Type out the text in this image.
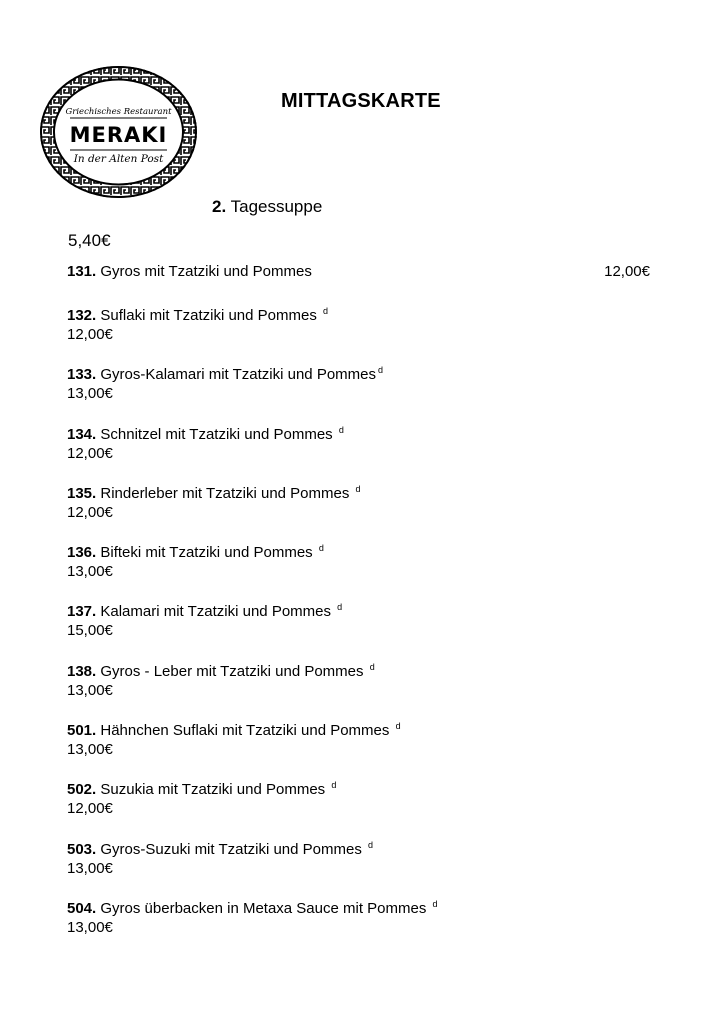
Griechisches Restaurant
MERAKI
In der Alten Post
MITTAGSKARTE
2. Tagessuppe
5,40€
131. Gyros mit Tzatziki und Pommes	12,00€
132. Suflaki mit Tzatziki und Pommes $^d$
12,00€
133. Gyros-Kalamari mit Tzatziki und Pommes $^d$
13,00€
134. Schnitzel mit Tzatziki und Pommes $^d$
12,00€
135. Rinderleber mit Tzatziki und Pommes $^d$
12,00€
136. Bifteki mit Tzatziki und Pommes $^d$
13,00€
137. Kalamari mit Tzatziki und Pommes $^d$
15,00€
138. Gyros - Leber mit Tzatziki und Pommes $^d$
13,00€
501. Hähnchen Suflaki mit Tzatziki und Pommes $^d$
13,00€
502. Suzukia mit Tzatziki und Pommes $^d$
12,00€
503. Gyros-Suzuki mit Tzatziki und Pommes $^d$
13,00€
504. Gyros überbacken in Metaxa Sauce mit Pommes $^d$
13,00€
